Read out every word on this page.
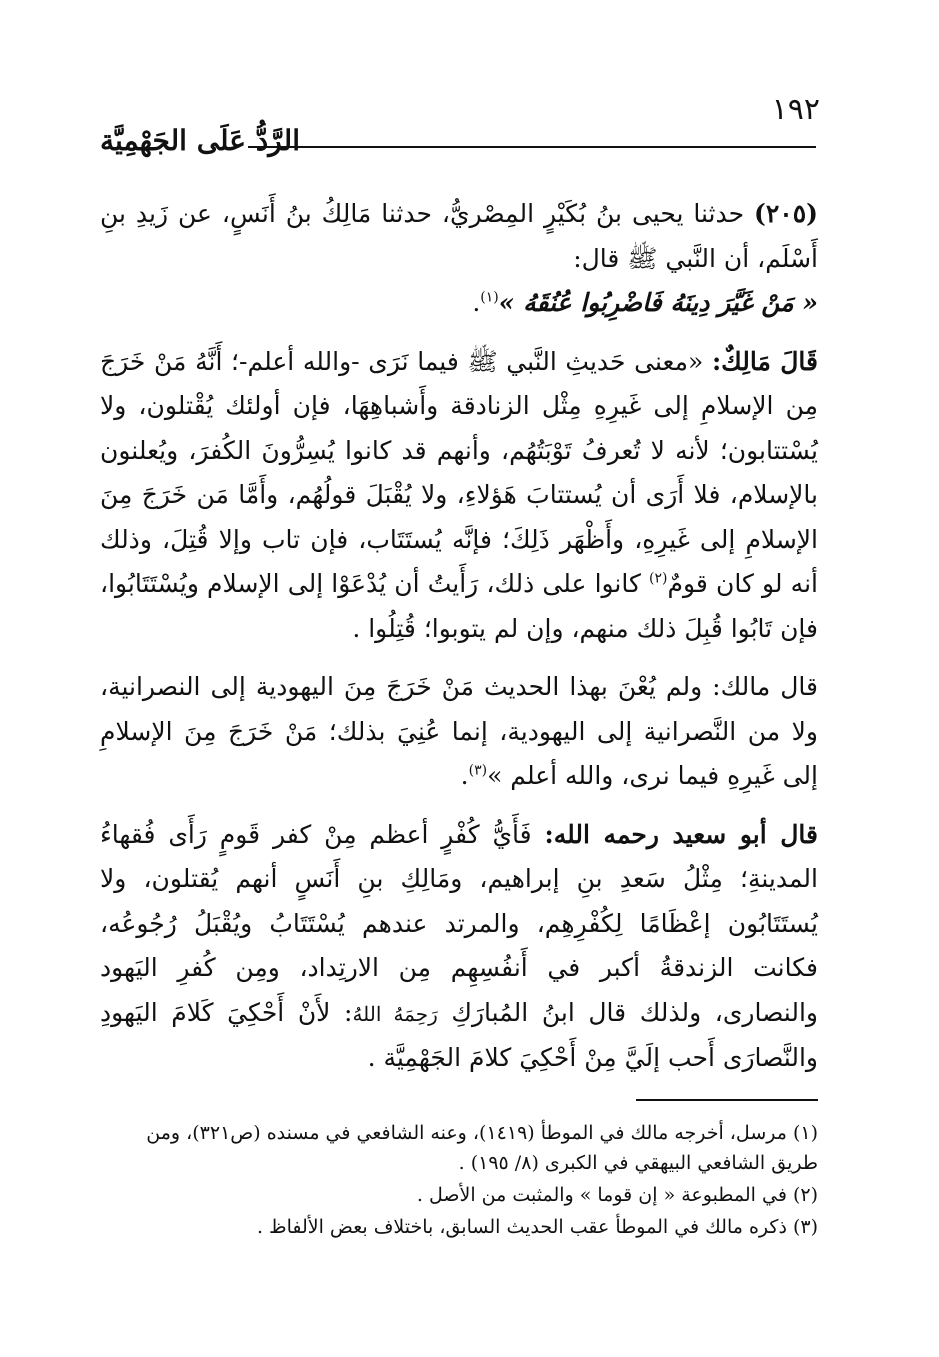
١٩٢
الرَّدُّ عَلَى الجَهْمِيَّة

(٢٠٥) حدثنا يحيى بنُ بُكَيْرٍ المِصْريُّ، حدثنا مَالِكُ بنُ أَنَسٍ، عن زَيدِ بنِ أَسْلَم، أن النَّبي ﷺ قال:

« مَنْ غَيَّرَ دِينَهُ فَاضْرِبُوا عُنُقَهُ »$^{(١)}$.

قَالَ مَالِكٌ: «معنى حَديثِ النَّبي ﷺ فيما نَرَى -والله أعلم-؛ أَنَّهُ مَنْ خَرَجَ مِن الإسلامِ إلى غَيرِهِ مِثْل الزنادقة وأَشباهِهَا، فإن أولئك يُقْتلون، ولا يُسْتتابون؛ لأنه لا تُعرفُ تَوْبَتُهُم، وأنهم قد كانوا يُسِرُّونَ الكُفرَ، ويُعلنون بالإسلام، فلا أَرَى أن يُستتابَ هَؤلاءِ، ولا يُقْبَلَ قولُهُم، وأَمَّا مَن خَرَجَ مِنَ الإسلامِ إلى غَيرِهِ، وأَظْهَر ذَلِكَ؛ فإنَّه يُستَتَاب، فإن تاب وإلا قُتِلَ، وذلك أنه لو كان قومٌ$^{(٢)}$ كانوا على ذلك، رَأَيتُ أن يُدْعَوْا إلى الإسلام ويُسْتَتَابُوا، فإن تَابُوا قُبِلَ ذلك منهم، وإن لم يتوبوا؛ قُتِلُوا .

قال مالك: ولم يُعْنَ بهذا الحديث مَنْ خَرَجَ مِنَ اليهودية إلى النصرانية، ولا من النَّصرانية إلى اليهودية، إنما عُنِيَ بذلك؛ مَنْ خَرَجَ مِنَ الإسلامِ إلى غَيرِهِ فيما نرى، والله أعلم »$^{(٣)}$.

قال أبو سعيد رحمه الله: فَأَيُّ كُفْرٍ أعظم مِنْ كفر قَومٍ رَأَى فُقهاءُ المدينةِ؛ مِثْلُ سَعدِ بنِ إبراهيم، ومَالِكِ بنِ أَنَسٍ أنهم يُقتلون، ولا يُستَتَابُون إعْظَامًا لِكُفْرِهِم، والمرتد عندهم يُسْتَتَابُ ويُقْبَلُ رُجُوعُه، فكانت الزندقةُ أكبر في أَنفُسِهِم مِن الارتِداد، ومِن كُفرِ اليَهود والنصارى، ولذلك قال ابنُ المُبارَكِ رَحِمَهُ اللهُ: لأَنْ أَحْكِيَ كَلامَ اليَهودِ والنَّصارَى أَحب إلَيَّ مِنْ أَحْكِيَ كلامَ الجَهْمِيَّة .

(١) مرسل، أخرجه مالك في الموطأ (١٤١٩)، وعنه الشافعي في مسنده (ص٣٢١)، ومن طريق الشافعي البيهقي في الكبرى (٨/ ١٩٥) .

(٢) في المطبوعة « إن قوما » والمثبت من الأصل .

(٣) ذكره مالك في الموطأ عقب الحديث السابق، باختلاف بعض الألفاظ .
